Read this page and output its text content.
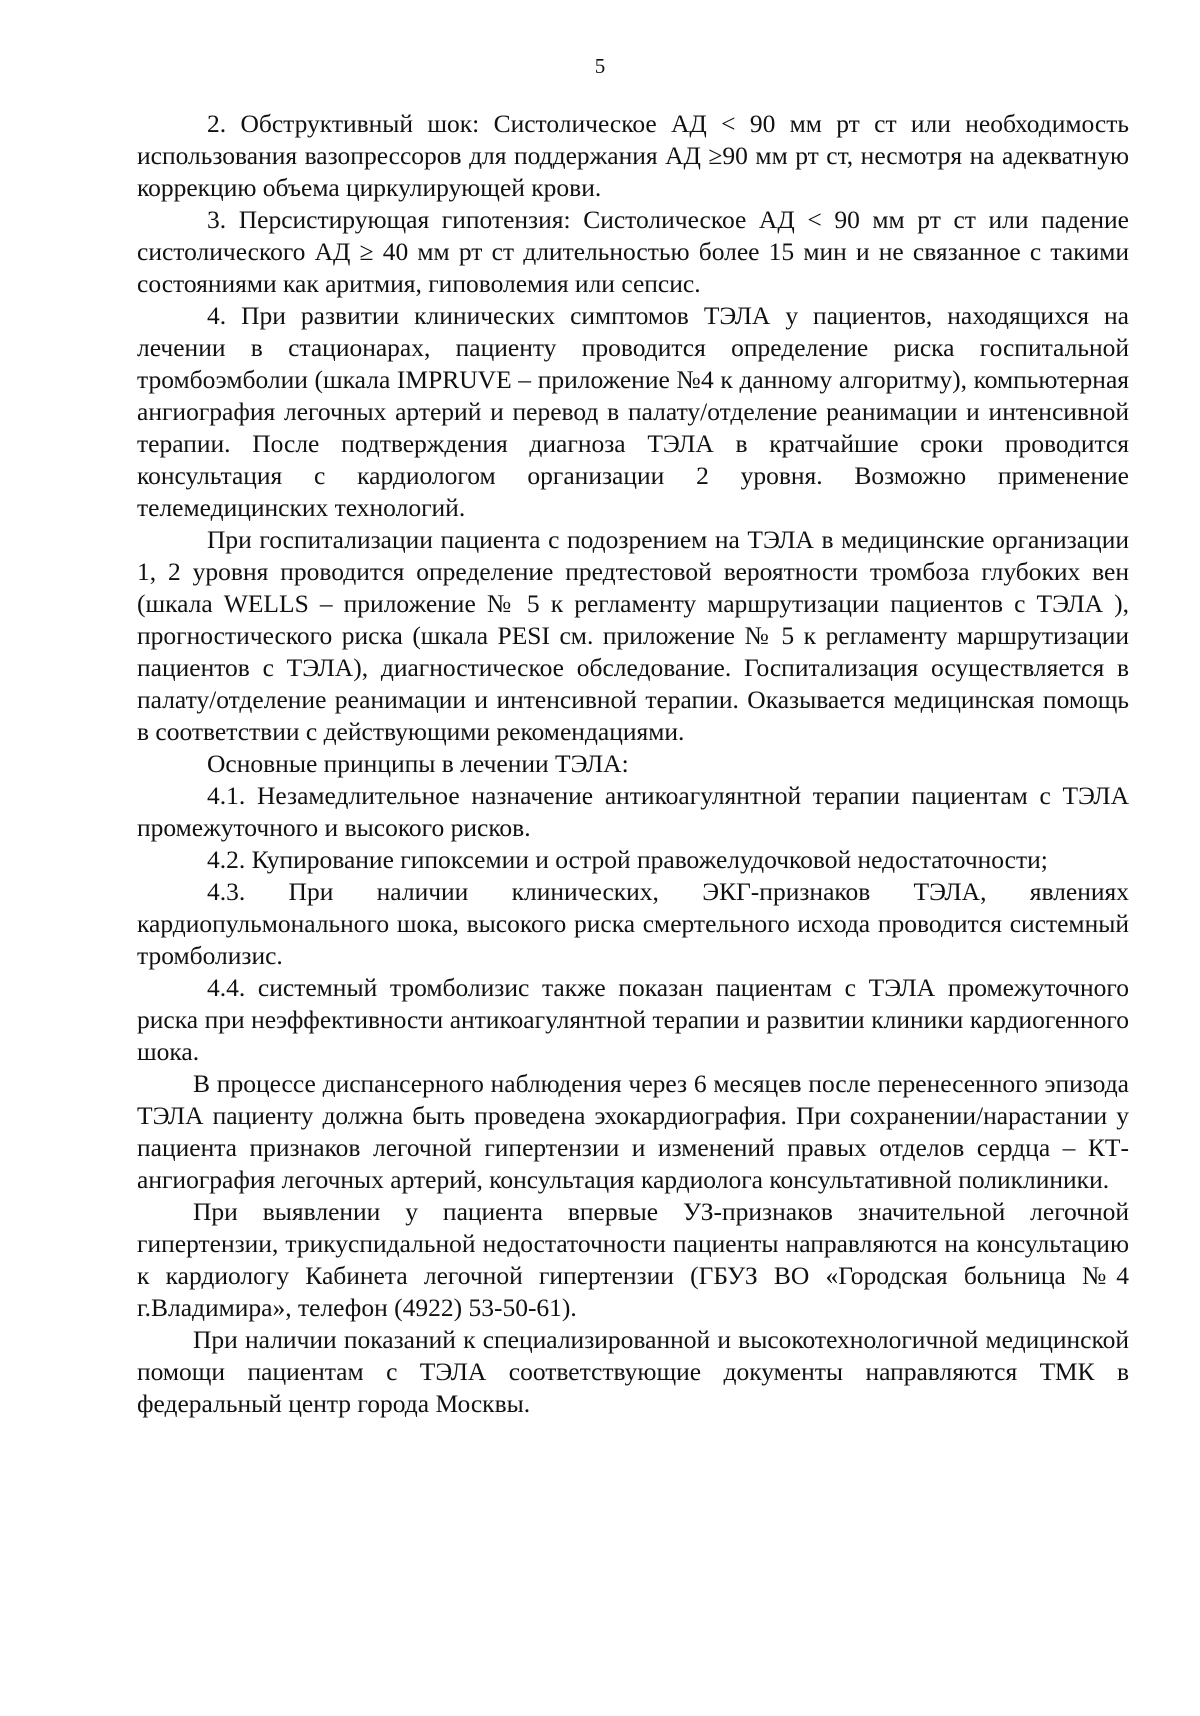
5

2. Обструктивный шок: Систолическое АД < 90 мм рт ст или необходимость использования вазопрессоров для поддержания АД ≥90 мм рт ст, несмотря на адекватную коррекцию объема циркулирующей крови.

3. Персистирующая гипотензия: Систолическое АД < 90 мм рт ст или падение систолического АД ≥ 40 мм рт ст длительностью более 15 мин и не связанное с такими состояниями как аритмия, гиповолемия или сепсис.

4. При развитии клинических симптомов ТЭЛА у пациентов, находящихся на лечении в стационарах, пациенту проводится определение риска госпитальной тромбоэмболии (шкала IMPRUVE – приложение №4 к данному алгоритму), компьютерная ангиография легочных артерий и перевод в палату/отделение реанимации и интенсивной терапии. После подтверждения диагноза ТЭЛА в кратчайшие сроки проводится консультация с кардиологом организации 2 уровня. Возможно применение телемедицинских технологий.

При госпитализации пациента с подозрением на ТЭЛА в медицинские организации 1, 2 уровня проводится определение предтестовой вероятности тромбоза глубоких вен (шкала WELLS – приложение № 5 к регламенту маршрутизации пациентов с ТЭЛА ), прогностического риска (шкала PESI см. приложение № 5 к регламенту маршрутизации пациентов с ТЭЛА), диагностическое обследование. Госпитализация осуществляется в палату/отделение реанимации и интенсивной терапии. Оказывается медицинская помощь в соответствии с действующими рекомендациями.

Основные принципы в лечении ТЭЛА:

4.1. Незамедлительное назначение антикоагулянтной терапии пациентам с ТЭЛА промежуточного и высокого рисков.

4.2. Купирование гипоксемии и острой правожелудочковой недостаточности;

4.3. При наличии клинических, ЭКГ-признаков ТЭЛА, явлениях кардиопульмонального шока, высокого риска смертельного исхода проводится системный тромболизис.

4.4. системный тромболизис также показан пациентам с ТЭЛА промежуточного риска при неэффективности антикоагулянтной терапии и развитии клиники кардиогенного шока.

В процессе диспансерного наблюдения через 6 месяцев после перенесенного эпизода ТЭЛА пациенту должна быть проведена эхокардиография. При сохранении/нарастании у пациента признаков легочной гипертензии и изменений правых отделов сердца – КТ-ангиография легочных артерий, консультация кардиолога консультативной поликлиники.

При выявлении у пациента впервые УЗ-признаков значительной легочной гипертензии, трикуспидальной недостаточности пациенты направляются на консультацию к кардиологу Кабинета легочной гипертензии (ГБУЗ ВО «Городская больница №4 г.Владимира», телефон (4922) 53-50-61).

При наличии показаний к специализированной и высокотехнологичной медицинской помощи пациентам с ТЭЛА соответствующие документы направляются ТМК в федеральный центр города Москвы.
